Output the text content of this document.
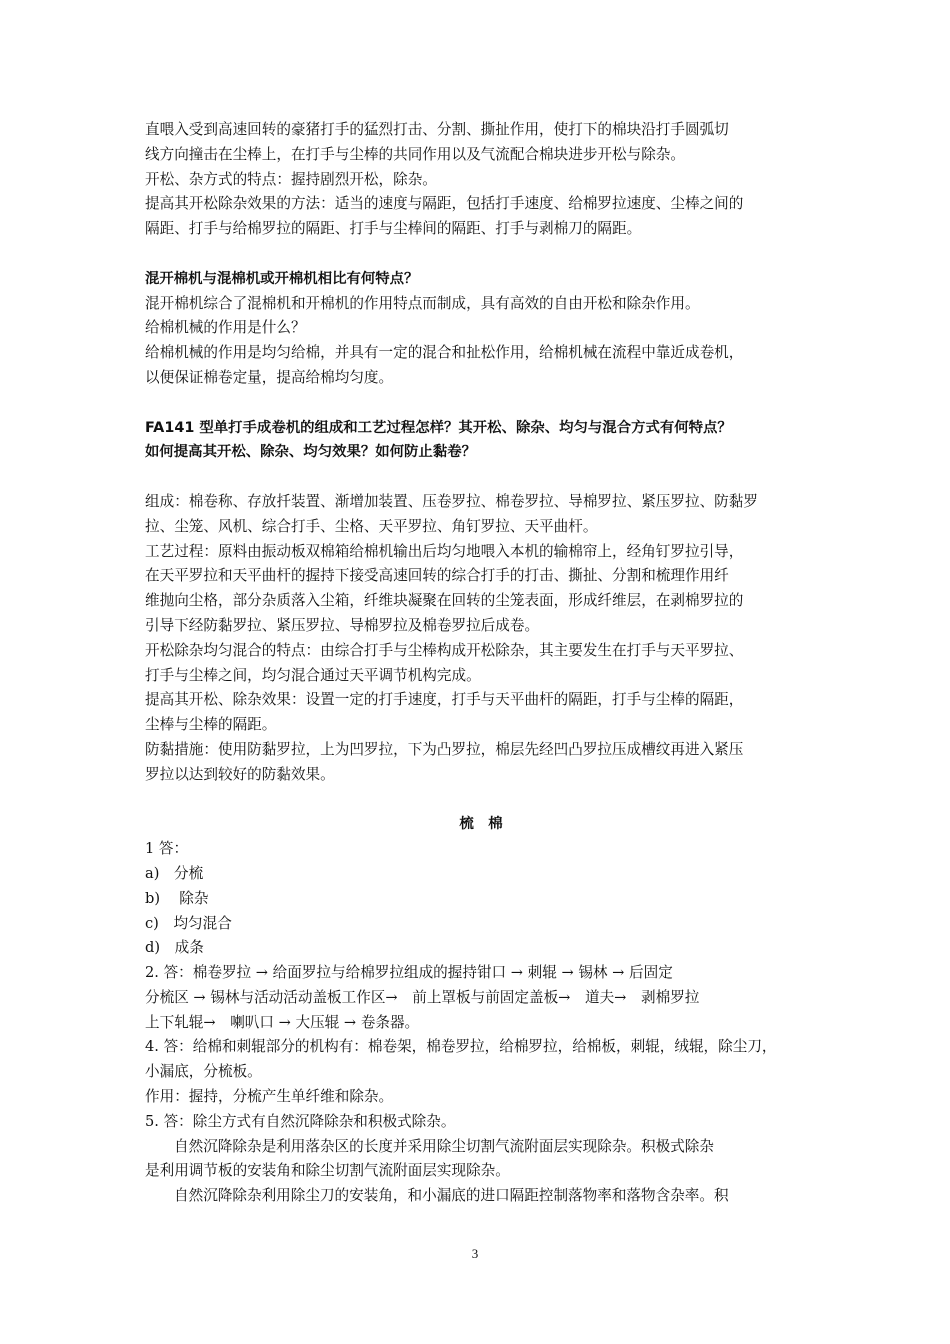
直喂入受到高速回转的豪猪打手的猛烈打击、分割、撕扯作用，使打下的棉块沿打手圆弧切
线方向撞击在尘棒上，在打手与尘棒的共同作用以及气流配合棉块进步开松与除杂。
开松、杂方式的特点：握持剧烈开松，除杂。
提高其开松除杂效果的方法：适当的速度与隔距，包括打手速度、给棉罗拉速度、尘棒之间的
隔距、打手与给棉罗拉的隔距、打手与尘棒间的隔距、打手与剥棉刀的隔距。
混开棉机与混棉机或开棉机相比有何特点？
混开棉机综合了混棉机和开棉机的作用特点而制成，具有高效的自由开松和除杂作用。
给棉机械的作用是什么？
给棉机械的作用是均匀给棉，并具有一定的混合和扯松作用，给棉机械在流程中靠近成卷机，
以便保证棉卷定量，提高给棉均匀度。
FA141 型单打手成卷机的组成和工艺过程怎样？其开松、除杂、均匀与混合方式有何特点？
如何提高其开松、除杂、均匀效果？如何防止黏卷？
组成：棉卷称、存放扦装置、渐增加装置、压卷罗拉、棉卷罗拉、导棉罗拉、紧压罗拉、防黏罗
拉、尘笼、风机、综合打手、尘格、天平罗拉、角钉罗拉、天平曲杆。
工艺过程：原料由振动板双棉箱给棉机输出后均匀地喂入本机的输棉帘上，经角钉罗拉引导，
在天平罗拉和天平曲杆的握持下接受高速回转的综合打手的打击、撕扯、分割和梳理作用纤
维抛向尘格，部分杂质落入尘箱，纤维块凝聚在回转的尘笼表面，形成纤维层，在剥棉罗拉的
引导下经防黏罗拉、紧压罗拉、导棉罗拉及棉卷罗拉后成卷。
开松除杂均匀混合的特点：由综合打手与尘棒构成开松除杂，其主要发生在打手与天平罗拉、
打手与尘棒之间，均匀混合通过天平调节机构完成。
提高其开松、除杂效果：设置一定的打手速度，打手与天平曲杆的隔距，打手与尘棒的隔距，
尘棒与尘棒的隔距。
防黏措施：使用防黏罗拉，上为凹罗拉，下为凸罗拉，棉层先经凹凸罗拉压成槽纹再进入紧压
罗拉以达到较好的防黏效果。
梳　棉
1 答：
a)　分梳
b)　 除杂
c)　均匀混合
d)　成条
2. 答：棉卷罗拉 → 给面罗拉与给棉罗拉组成的握持钳口 → 刺辊 → 锡林 → 后固定
分梳区 → 锡林与活动活动盖板工作区→　前上罩板与前固定盖板→　道夫→　剥棉罗拉
上下轧辊→　喇叭口 → 大压辊 → 卷条器。
4. 答：给棉和刺辊部分的机构有：棉卷架，棉卷罗拉，给棉罗拉，给棉板，刺辊，绒辊，除尘刀，
小漏底，分梳板。
作用：握持，分梳产生单纤维和除杂。
5. 答：除尘方式有自然沉降除杂和积极式除杂。
自然沉降除杂是利用落杂区的长度并采用除尘切割气流附面层实现除杂。积极式除杂
是利用调节板的安装角和除尘切割气流附面层实现除杂。
自然沉降除杂利用除尘刀的安装角，和小漏底的进口隔距控制落物率和落物含杂率。积
3
